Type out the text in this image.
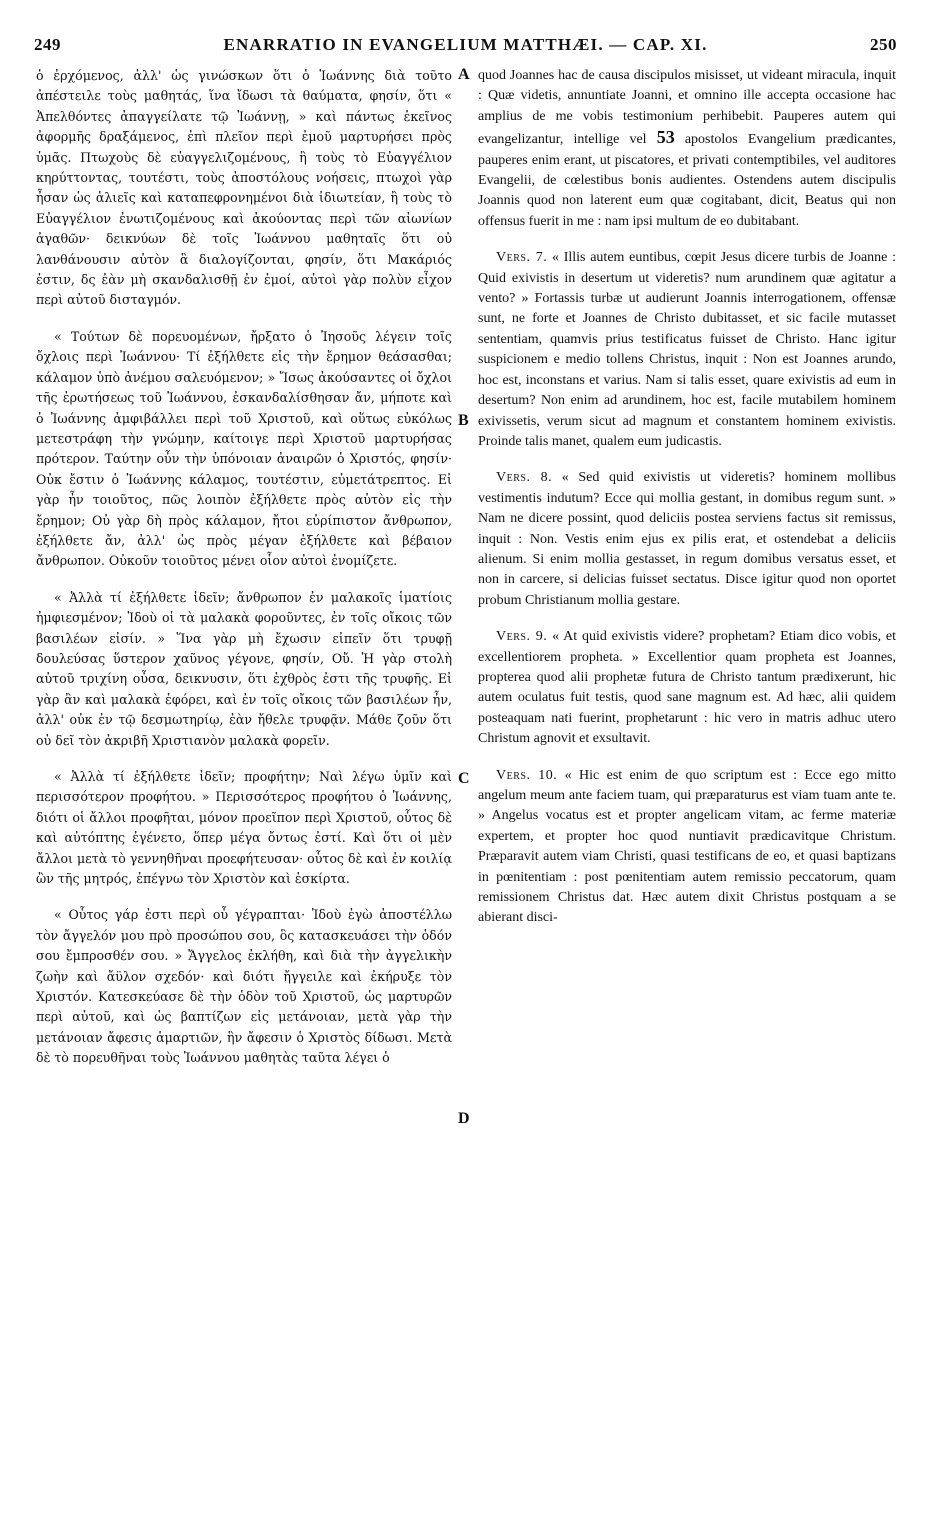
249	ENARRATIO IN EVANGELIUM MATTHÆI. — CAP. XI.	250

ὁ ἐρχόμενος, ἀλλ' ὡς γινώσκων ὅτι ὁ Ἰωάννης διὰ τοῦτο ἀπέστειλε τοὺς μαθητάς, ἵνα ἴδωσι τὰ θαύματα, φησίν, ὅτι « Ἀπελθόντες ἀπαγγείλατε τῷ Ἰωάννῃ, » καὶ πάντως ἐκεῖνος ἀφορμῆς δραξάμενος, ἐπὶ πλεῖον περὶ ἐμοῦ μαρτυρήσει πρὸς ὑμᾶς. Πτωχοὺς δὲ εὐαγγελιζομένους, ἢ τοὺς τὸ Εὐαγγέλιον κηρύττοντας, τουτέστι, τοὺς ἀποστόλους νοήσεις, πτωχοὶ γὰρ ἦσαν ὡς ἁλιεῖς καὶ καταπεφρονημένοι διὰ ἰδιωτείαν, ἢ τοὺς τὸ Εὐαγγέλιον ἐνωτιζομένους καὶ ἀκούοντας περὶ τῶν αἰωνίων ἀγαθῶν· δεικνύων δὲ τοῖς Ἰωάννου μαθηταῖς ὅτι οὐ λανθάνουσιν αὐτὸν ἃ διαλογίζονται, φησίν, ὅτι Μακάριός ἐστιν, δς ἐὰν μὴ σκανδαλισθῇ ἐν ἐμοί, αὐτοὶ γὰρ πολὺν εἶχον περὶ αὐτοῦ δισταγμόν.

« Τούτων δὲ πορευομένων, ἤρξατο ὁ Ἰησοῦς λέγειν τοῖς ὄχλοις περὶ Ἰωάννου· Τί ἐξήλθετε εἰς τὴν ἔρημον θεάσασθαι; κάλαμον ὑπὸ ἀνέμου σαλευόμενον; » Ἴσως ἀκούσαντες οἱ ὄχλοι τῆς ἐρωτήσεως τοῦ Ἰωάννου, ἐσκανδαλίσθησαν ἄν, μήποτε καὶ ὁ Ἰωάννης ἀμφιβάλλει περὶ τοῦ Χριστοῦ, καὶ οὕτως εὐκόλως μετεστράφη τὴν γνώμην, καίτοιγε περὶ Χριστοῦ μαρτυρήσας πρότερον. Ταύτην οὖν τὴν ὑπόνοιαν ἀναιρῶν ὁ Χριστός, φησίν· Οὐκ ἔστιν ὁ Ἰωάννης κάλαμος, τουτέστιν, εὐμετάτρεπτος. Εἰ γὰρ ἦν τοιοῦτος, πῶς λοιπὸν ἐξήλθετε πρὸς αὐτὸν εἰς τὴν ἔρημον; Οὐ γὰρ δὴ πρὸς κάλαμον, ἤτοι εὐρίπιστον ἄνθρωπον, ἐξήλθετε ἄν, ἀλλ' ὡς πρὸς μέγαν ἐξήλθετε καὶ βέβαιον ἄνθρωπον. Οὐκοῦν τοιοῦτος μένει οἷον αὐτοὶ ἐνομίζετε.

« Ἀλλὰ τί ἐξήλθετε ἰδεῖν; ἄνθρωπον ἐν μαλακοῖς ἱματίοις ἠμφιεσμένον; Ἰδοὺ οἱ τὰ μαλακὰ φοροῦντες, ἐν τοῖς οἴκοις τῶν βασιλέων εἰσίν. » Ἵνα γὰρ μὴ ἔχωσιν εἰπεῖν ὅτι τρυφῇ δουλεύσας ὕστερον χαῦνος γέγονε, φησίν, Οὔ. Ἡ γὰρ στολὴ αὐτοῦ τριχίνη οὖσα, δεικνυσιν, ὅτι ἐχθρὸς ἐστι τῆς τρυφῆς. Εἰ γὰρ ἂν καὶ μαλακὰ ἐφόρει, καὶ ἐν τοῖς οἴκοις τῶν βασιλέων ἦν, ἀλλ' οὐκ ἐν τῷ δεσμωτηρίῳ, ἐὰν ἤθελε τρυφᾷν. Μάθε ζοῦν ὅτι οὐ δεῖ τὸν ἀκριβῆ Χριστιανὸν μαλακὰ φορεῖν.

« Ἀλλὰ τί ἐξήλθετε ἰδεῖν; προφήτην; Ναὶ λέγω ὑμῖν καὶ περισσότερον προφήτου. » Περισσότερος προφήτου ὁ Ἰωάννης, διότι οἱ ἄλλοι προφῆται, μόνον προεῖπον περὶ Χριστοῦ, οὗτος δὲ καὶ αὐτόπτης ἐγένετο, ὅπερ μέγα ὄντως ἐστί. Καὶ ὅτι οἱ μὲν ἄλλοι μετὰ τὸ γεννηθῆναι προεφήτευσαν· οὗτος δὲ καὶ ἐν κοιλίᾳ ὢν τῆς μητρός, ἐπέγνω τὸν Χριστὸν καὶ ἐσκίρτα.

« Οὗτος γάρ ἐστι περὶ οὗ γέγραπται· Ἰδοὺ ἐγὼ ἀποστέλλω τὸν ἄγγελόν μου πρὸ προσώπου σου, ὃς κατασκευάσει τὴν ὁδόν σου ἔμπροσθέν σου. » Ἄγγελος ἐκλήθη, καὶ διὰ τὴν ἀγγελικὴν ζωὴν καὶ ἄϋλον σχεδόν· καὶ διότι ἤγγειλε καὶ ἐκήρυξε τὸν Χριστόν. Κατεσκεύασε δὲ τὴν ὁδὸν τοῦ Χριστοῦ, ὡς μαρτυρῶν περὶ αὐτοῦ, καὶ ὡς βαπτίζων εἰς μετάνοιαν, μετὰ γὰρ τὴν μετάνοιαν ἄφεσις ἁμαρτιῶν, ἣν ἄφεσιν ὁ Χριστὸς δίδωσι. Μετὰ δὲ τὸ πορευθῆναι τοὺς Ἰωάννου μαθητὰς ταῦτα λέγει ὁ

A
B
C
D

quod Joannes hac de causa discipulos misisset, ut videant miracula, inquit : Quæ videtis, annuntiate Joanni, et omnino ille accepta occasione hac amplius de me vobis testimonium perhibebit. Pauperes autem qui evangelizantur, intellige vel 53 apostolos Evangelium prædicantes, pauperes enim erant, ut piscatores, et privati contemptibiles, vel auditores Evangelii, de cœlestibus bonis audientes. Ostendens autem discipulis Joannis quod non laterent eum quæ cogitabant, dicit, Beatus qui non offensus fuerit in me : nam ipsi multum de eo dubitabant.

Vers. 7. « Illis autem euntibus, cœpit Jesus dicere turbis de Joanne : Quid exivistis in desertum ut videretis? num arundinem quæ agitatur a vento? » Fortassis turbæ ut audierunt Joannis interrogationem, offensæ sunt, ne forte et Joannes de Christo dubitasset, et sic facile mutasset sententiam, quamvis prius testificatus fuisset de Christo. Hanc igitur suspicionem e medio tollens Christus, inquit : Non est Joannes arundo, hoc est, inconstans et varius. Nam si talis esset, quare exivistis ad eum in desertum? Non enim ad arundinem, hoc est, facile mutabilem hominem exivissetis, verum sicut ad magnum et constantem hominem exivistis. Proinde talis manet, qualem eum judicastis.

Vers. 8. « Sed quid exivistis ut videretis? hominem mollibus vestimentis indutum? Ecce qui mollia gestant, in domibus regum sunt. » Nam ne dicere possint, quod deliciis postea serviens factus sit remissus, inquit : Non. Vestis enim ejus ex pilis erat, et ostendebat a deliciis alienum. Si enim mollia gestasset, in regum domibus versatus esset, et non in carcere, si delicias fuisset sectatus. Disce igitur quod non oportet probum Christianum mollia gestare.

Vers. 9. « At quid exivistis videre? prophetam? Etiam dico vobis, et excellentiorem propheta. » Excellentior quam propheta est Joannes, propterea quod alii prophetæ futura de Christo tantum prædixerunt, hic autem oculatus fuit testis, quod sane magnum est. Ad hæc, alii quidem posteaquam nati fuerint, prophetarunt : hic vero in matris adhuc utero Christum agnovit et exsultavit.

Vers. 10. « Hic est enim de quo scriptum est : Ecce ego mitto angelum meum ante faciem tuam, qui præparaturus est viam tuam ante te. » Angelus vocatus est et propter angelicam vitam, ac ferme materiæ expertem, et propter hoc quod nuntiavit prædicavitque Christum. Præparavit autem viam Christi, quasi testificans de eo, et quasi baptizans in pœnitentiam : post pœnitentiam autem remissio peccatorum, quam remissionem Christus dat. Hæc autem dixit Christus postquam a se abierant disci-
